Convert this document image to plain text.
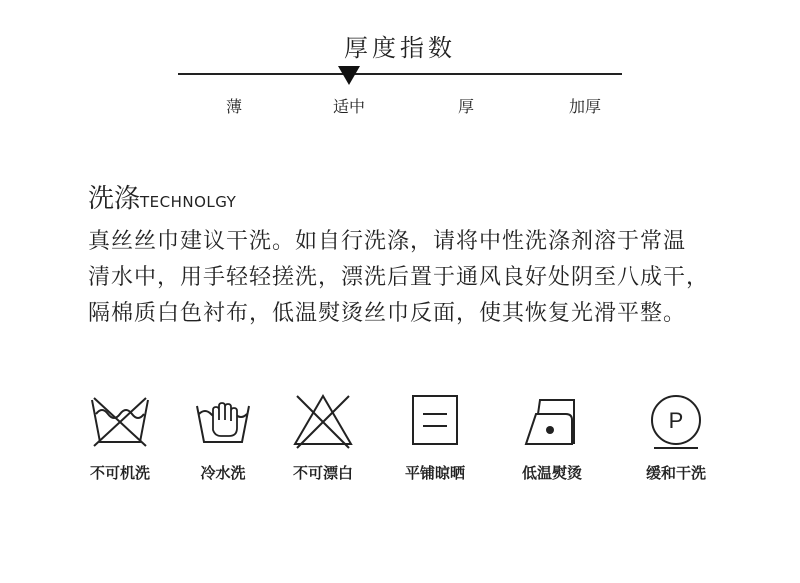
厚度指数
薄	适中	厚	加厚
洗涤TECHNOLGY
真丝丝巾建议干洗。如自行洗涤，请将中性洗涤剂溶于常温
清水中，用手轻轻搓洗，漂洗后置于通风良好处阴至八成干，
隔棉质白色衬布，低温熨烫丝巾反面，使其恢复光滑平整。
不可机洗	冷水洗	不可漂白	平铺晾晒	低温熨烫
P
缓和干洗
